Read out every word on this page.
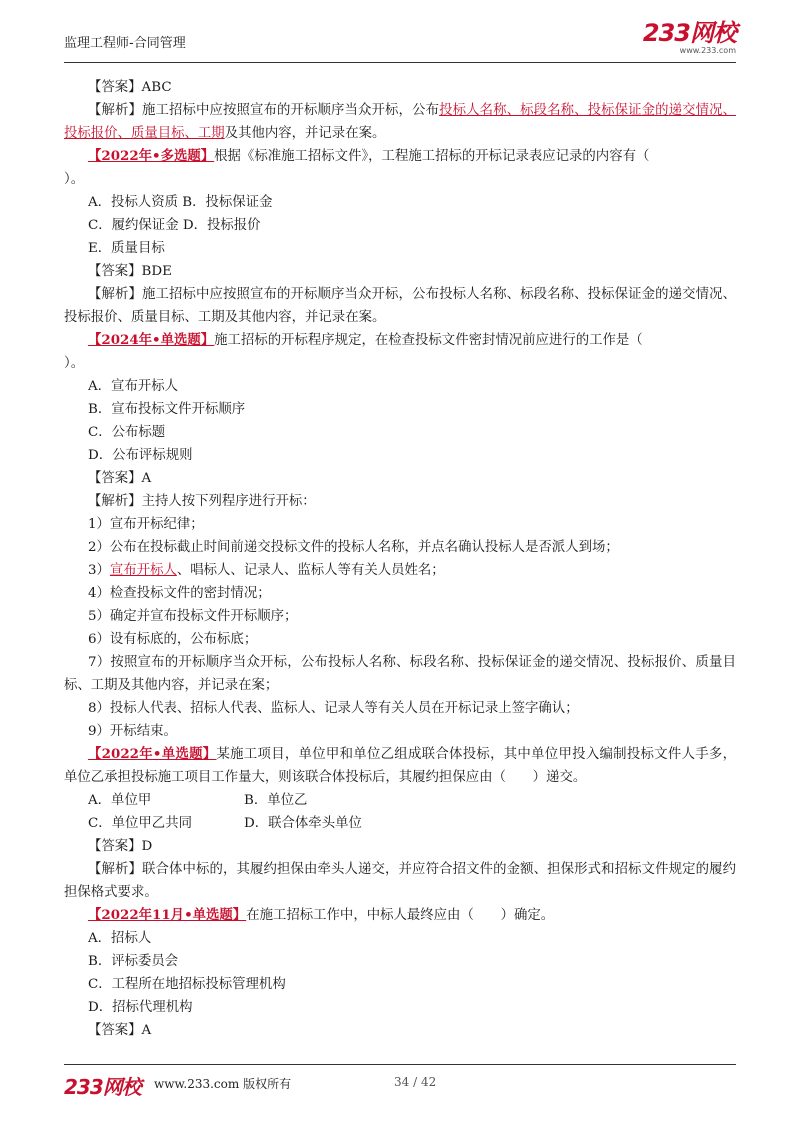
监理工程师-合同管理	233网校
www.233.com
【答案】ABC
【解析】施工招标中应按照宣布的开标顺序当众开标，公布投标人名称、标段名称、投标保证金的递交情况、投标报价、质量目标、工期及其他内容，并记录在案。
【2022年•多选题】根据《标准施工招标文件》，工程施工招标的开标记录表应记录的内容有（
）。
A．投标人资质 B．投标保证金
C．履约保证金 D．投标报价
E．质量目标
【答案】BDE
【解析】施工招标中应按照宣布的开标顺序当众开标，公布投标人名称、标段名称、投标保证金的递交情况、投标报价、质量目标、工期及其他内容，并记录在案。
【2024年•单选题】施工招标的开标程序规定，在检查投标文件密封情况前应进行的工作是（
）。
A．宣布开标人
B．宣布投标文件开标顺序
C．公布标题
D．公布评标规则
【答案】A
【解析】主持人按下列程序进行开标：
1）宣布开标纪律；
2）公布在投标截止时间前递交投标文件的投标人名称，并点名确认投标人是否派人到场；
3）宣布开标人、唱标人、记录人、监标人等有关人员姓名；
4）检查投标文件的密封情况；
5）确定并宣布投标文件开标顺序；
6）设有标底的，公布标底；
7）按照宣布的开标顺序当众开标，公布投标人名称、标段名称、投标保证金的递交情况、投标报价、质量目标、工期及其他内容，并记录在案；
8）投标人代表、招标人代表、监标人、记录人等有关人员在开标记录上签字确认；
9）开标结束。
【2022年•单选题】某施工项目，单位甲和单位乙组成联合体投标，其中单位甲投入编制投标文件人手多，单位乙承担投标施工项目工作量大，则该联合体投标后，其履约担保应由（　　）递交。
A．单位甲	B．单位乙
C．单位甲乙共同	D．联合体牵头单位
【答案】D
【解析】联合体中标的，其履约担保由牵头人递交，并应符合招文件的金额、担保形式和招标文件规定的履约担保格式要求。
【2022年11月•单选题】在施工招标工作中，中标人最终应由（　　）确定。
A．招标人
B．评标委员会
C．工程所在地招标投标管理机构
D．招标代理机构
【答案】A
233网校 www.233.com 版权所有	34 / 42
